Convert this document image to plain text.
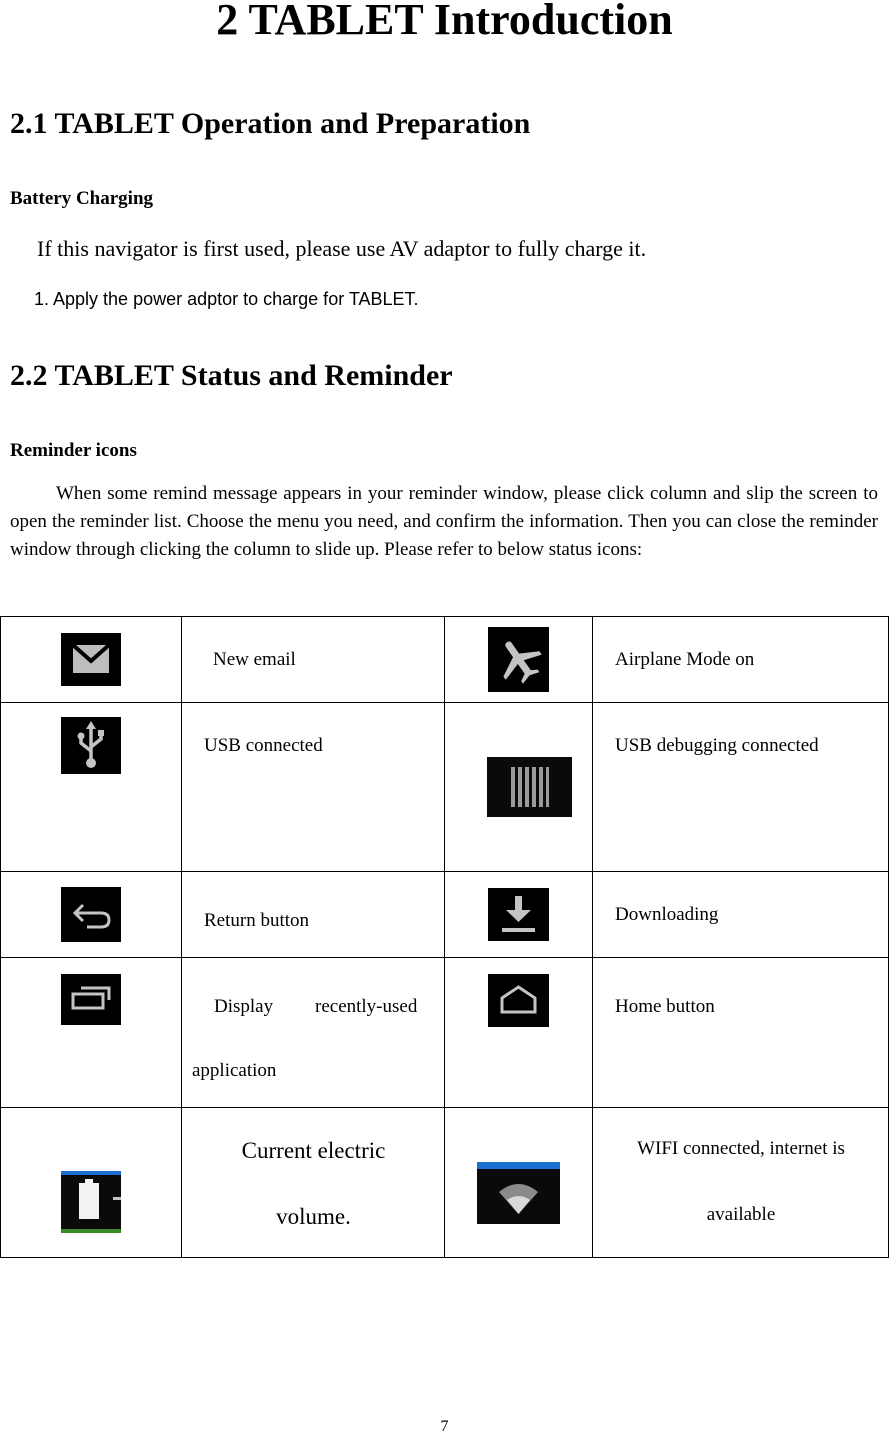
2 TABLET Introduction
2.1 TABLET Operation and Preparation

Battery Charging

If this navigator is first used, please use AV adaptor to fully charge it.

1. Apply the power adptor to charge for TABLET.

2.2 TABLET Status and Reminder

Reminder icons

When some remind message appears in your reminder window, please click column and slip the screen to open the reminder list. Choose the menu you need, and confirm the information. Then you can close the reminder window through clicking the column to slide up. Please refer to below status icons:

New email		Airplane Mode on

USB connected		USB debugging connected

Return button		Downloading

Display recently-used
application		Home button

Current electric
volume.		WIFI connected, internet is
available
7
